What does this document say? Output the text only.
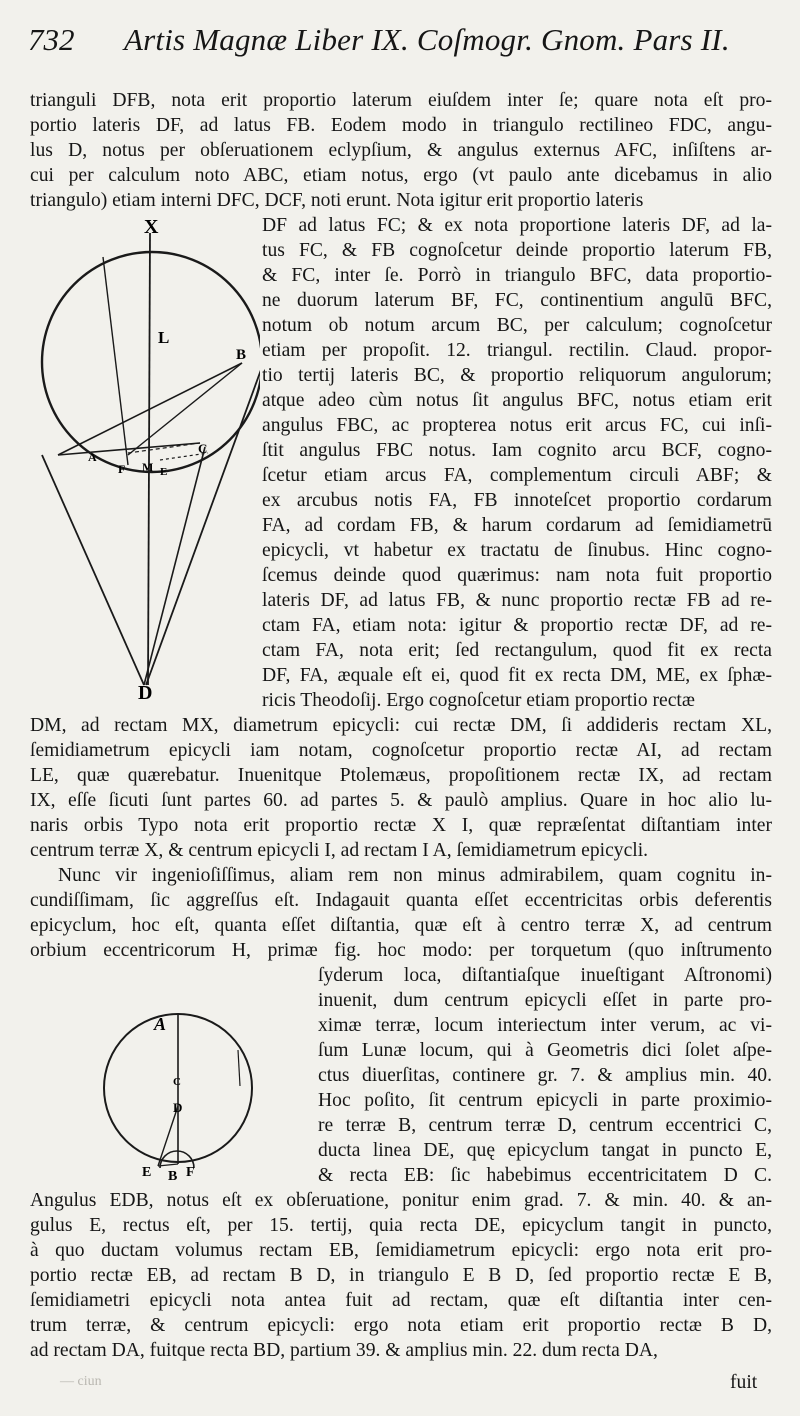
732 Artis Magnæ Liber IX. Coſmogr. Gnom. Pars II.
trianguli DFB, nota erit proportio laterum eiuſdem inter ſe; quare nota eſt pro-
portio lateris DF, ad latus FB. Eodem modo in triangulo rectilineo FDC, angu-
lus D, notus per obſeruationem eclypſium, & angulus externus AFC, inſiſtens ar-
cui per calculum noto ABC, etiam notus, ergo (vt paulo ante dicebamus in alio
triangulo) etiam interni DFC, DCF, noti erunt. Nota igitur erit proportio lateris
DF ad latus FC; & ex nota proportione lateris DF, ad la-
tus FC, & FB cognoſcetur deinde proportio laterum FB,
& FC, inter ſe. Porrò in triangulo BFC, data proportio-
ne duorum laterum BF, FC, continentium angulū BFC,
notum ob notum arcum BC, per calculum; cognoſcetur
etiam per propoſit. 12. triangul. rectilin. Claud. propor-
tio tertij lateris BC, & proportio reliquorum angulorum;
atque adeo cùm notus ſit angulus BFC, notus etiam erit
angulus FBC, ac propterea notus erit arcus FC, cui inſi-
ſtit angulus FBC notus. Iam cognito arcu BCF, cogno-
ſcetur etiam arcus FA, complementum circuli ABF; &
ex arcubus notis FA, FB innoteſcet proportio cordarum
FA, ad cordam FB, & harum cordarum ad ſemidiametrū
epicycli, vt habetur ex tractatu de ſinubus. Hinc cogno-
ſcemus deinde quod quærimus: nam nota fuit proportio
lateris DF, ad latus FB, & nunc proportio rectæ FB ad re-
ctam FA, etiam nota: igitur & proportio rectæ DF, ad re-
ctam FA, nota erit; ſed rectangulum, quod fit ex recta
DF, FA, æquale eſt ei, quod fit ex recta DM, ME, ex ſphæ-
ricis Theodoſij. Ergo cognoſcetur etiam proportio rectæ
DM, ad rectam MX, diametrum epicycli: cui rectæ DM, ſi addideris rectam XL,
ſemidiametrum epicycli iam notam, cognoſcetur proportio rectæ AI, ad rectam
LE, quæ quærebatur. Inuenitque Ptolemæus, propoſitionem rectæ IX, ad rectam
IX, eſſe ſicuti ſunt partes 60. ad partes 5. & paulò amplius. Quare in hoc alio lu-
naris orbis Typo nota erit proportio rectæ X I, quæ repræſentat diſtantiam inter
centrum terræ X, & centrum epicycli I, ad rectam I A, ſemidiametrum epicycli.
Nunc vir ingenioſiſſimus, aliam rem non minus admirabilem, quam cognitu in-
cundiſſimam, ſic aggreſſus eſt. Indagauit quanta eſſet eccentricitas orbis deferentis
epicyclum, hoc eſt, quanta eſſet diſtantia, quæ eſt à centro terræ X, ad centrum
orbium eccentricorum H, primæ fig. hoc modo: per torquetum (quo inſtrumento
ſyderum loca, diſtantiaſque inueſtigant Aſtronomi)
inuenit, dum centrum epicycli eſſet in parte pro-
ximæ terræ, locum interiectum inter verum, ac vi-
ſum Lunæ locum, qui à Geometris dici ſolet aſpe-
ctus diuerſitas, continere gr. 7. & amplius min. 40.
Hoc poſito, ſit centrum epicycli in parte proximio-
re terræ B, centrum terræ D, centrum eccentrici C,
ducta linea DE, quę epicyclum tangat in puncto E,
& recta EB: ſic habebimus eccentricitatem D C.
Angulus EDB, notus eſt ex obſeruatione, ponitur enim grad. 7. & min. 40. & an-
gulus E, rectus eſt, per 15. tertij, quia recta DE, epicyclum tangit in puncto,
à quo ductam volumus rectam EB, ſemidiametrum epicycli: ergo nota erit pro-
portio rectæ EB, ad rectam B D, in triangulo E B D, ſed proportio rectæ E B,
ſemidiametri epicycli nota antea fuit ad rectam, quæ eſt diſtantia inter cen-
trum terræ, & centrum epicycli: ergo nota etiam erit proportio rectæ B D,
ad rectam DA, fuitque recta BD, partium 39. & amplius min. 22. dum recta DA,
fuit
— ciun
X
L
B
A
F M E
C
D
A
C
D
E B F
